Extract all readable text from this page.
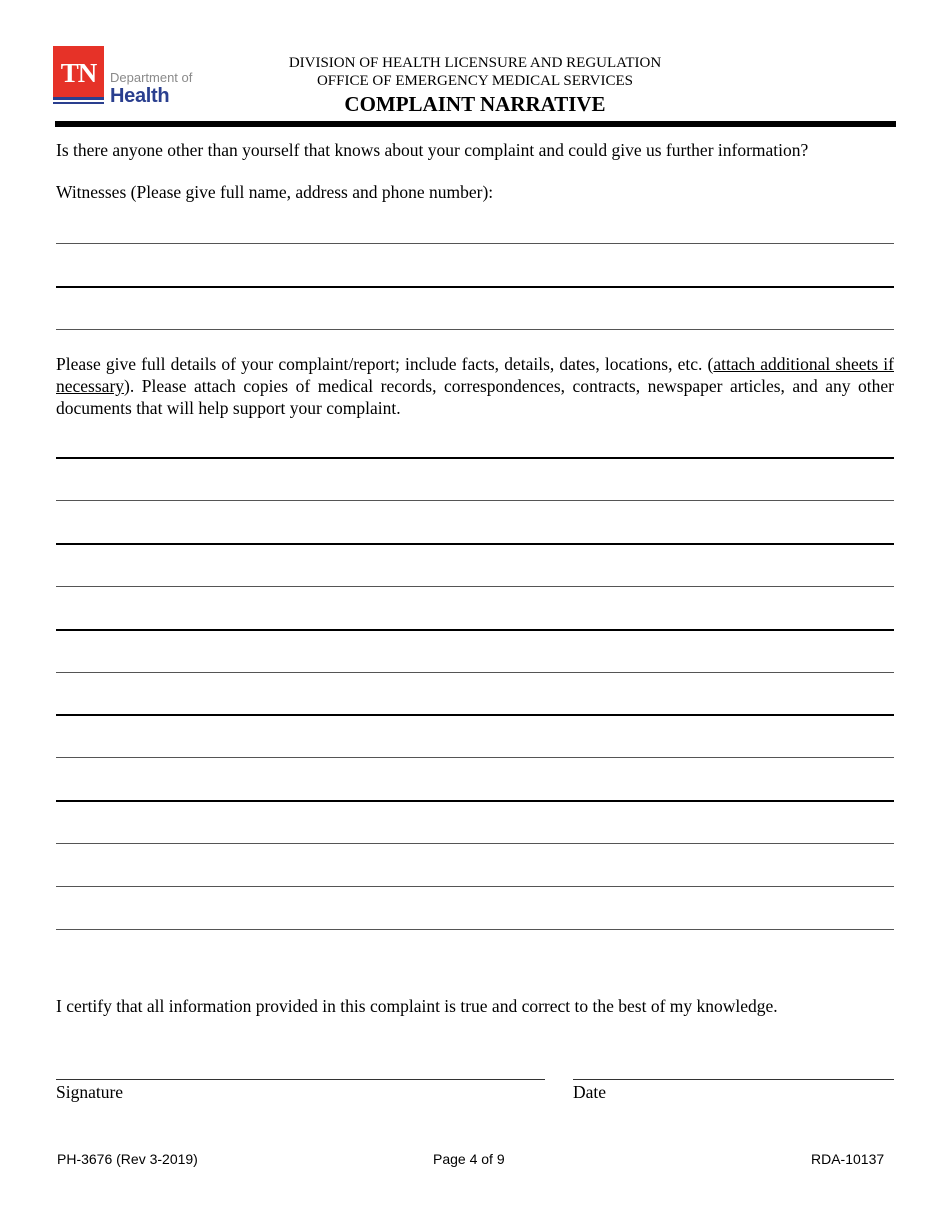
TN	Department of
Health
DIVISION OF HEALTH LICENSURE AND REGULATION
OFFICE OF EMERGENCY MEDICAL SERVICES
COMPLAINT NARRATIVE
Is there anyone other than yourself that knows about your complaint and could give us further information?
Witnesses (Please give full name, address and phone number):
Please give full details of your complaint/report; include facts, details, dates, locations, etc. (attach additional sheets if necessary). Please attach copies of medical records, correspondences, contracts, newspaper articles, and any other documents that will help support your complaint.
I certify that all information provided in this complaint is true and correct to the best of my knowledge.
Signature	Date
PH-3676 (Rev 3-2019)	Page 4 of 9	RDA-10137
